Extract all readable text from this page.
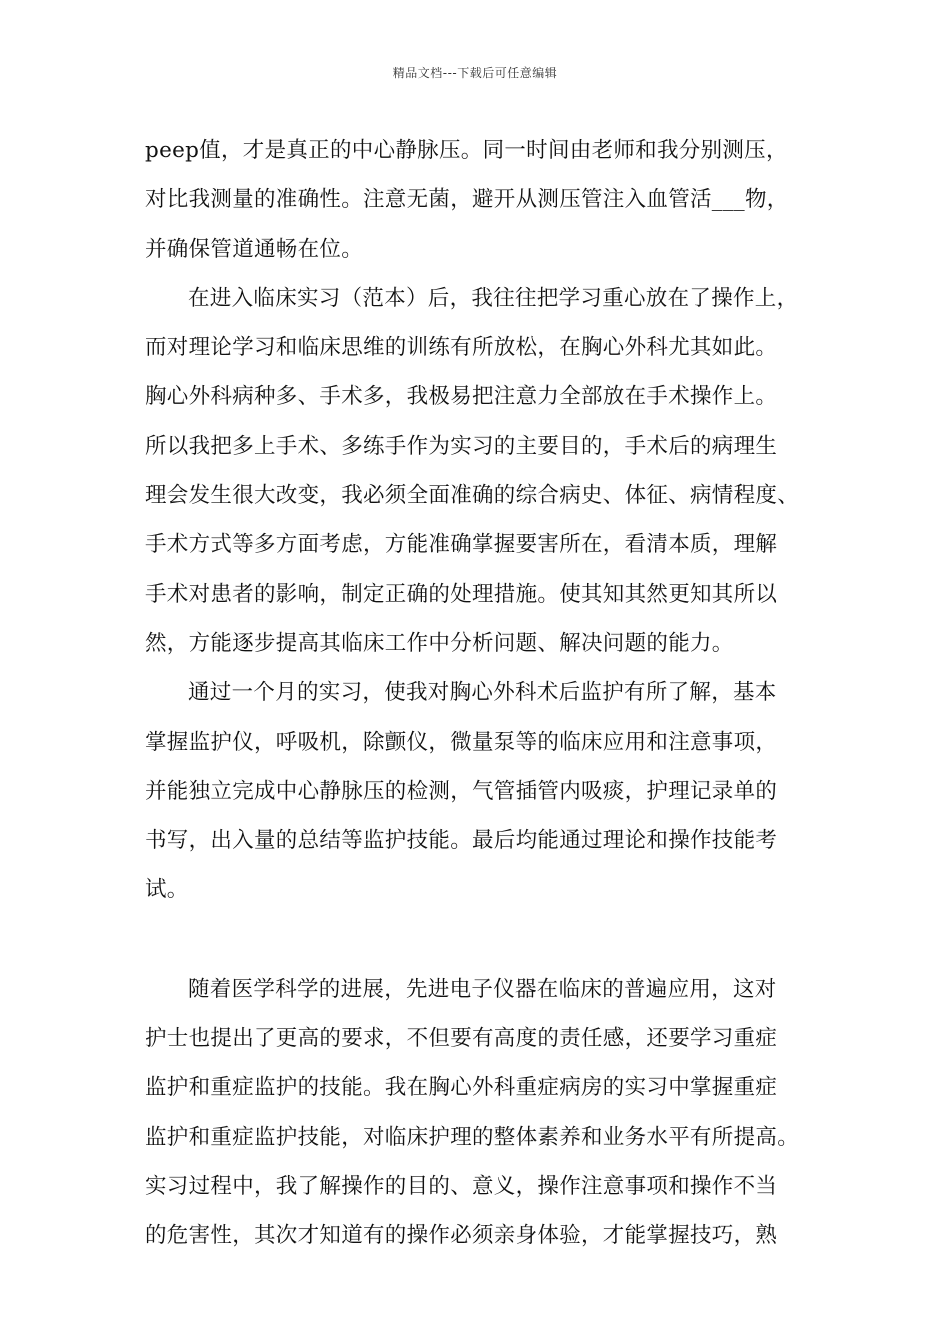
精品文档---下载后可任意编辑
peep值，才是真正的中心静脉压。同一时间由老师和我分别测压，
对比我测量的准确性。注意无菌，避开从测压管注入血管活___物，
并确保管道通畅在位。
在进入临床实习（范本）后，我往往把学习重心放在了操作上，
而对理论学习和临床思维的训练有所放松，在胸心外科尤其如此。
胸心外科病种多、手术多，我极易把注意力全部放在手术操作上。
所以我把多上手术、多练手作为实习的主要目的，手术后的病理生
理会发生很大改变，我必须全面准确的综合病史、体征、病情程度、
手术方式等多方面考虑，方能准确掌握要害所在，看清本质，理解
手术对患者的影响，制定正确的处理措施。使其知其然更知其所以
然，方能逐步提高其临床工作中分析问题、解决问题的能力。
通过一个月的实习，使我对胸心外科术后监护有所了解，基本
掌握监护仪，呼吸机，除颤仪，微量泵等的临床应用和注意事项，
并能独立完成中心静脉压的检测，气管插管内吸痰，护理记录单的
书写，出入量的总结等监护技能。最后均能通过理论和操作技能考
试。
随着医学科学的进展，先进电子仪器在临床的普遍应用，这对
护士也提出了更高的要求，不但要有高度的责任感，还要学习重症
监护和重症监护的技能。我在胸心外科重症病房的实习中掌握重症
监护和重症监护技能，对临床护理的整体素养和业务水平有所提高。
实习过程中，我了解操作的目的、意义，操作注意事项和操作不当
的危害性，其次才知道有的操作必须亲身体验，才能掌握技巧，熟
